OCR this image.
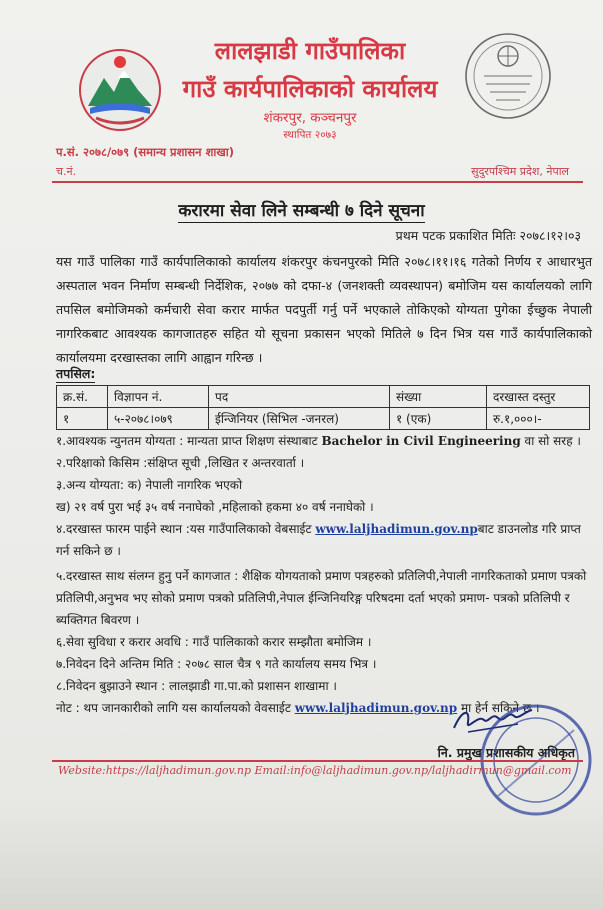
लालझाडी गाउँपालिका
गाउँ कार्यपालिकाको कार्यालय
शंकरपुर, कञ्चनपुर
स्थापित २०७३
प.सं. २०७८/०७९ (समान्य प्रशासन शाखा)
च.नं.	सुदुरपश्चिम प्रदेश, नेपाल
करारमा सेवा लिने सम्बन्धी ७ दिने सूचना
प्रथम पटक प्रकाशित मितिः २०७८।१२।०३
यस गाउँ पालिका गाउँ कार्यपालिकाको कार्यालय शंकरपुर कंचनपुरको मिति २०७८।११।१६ गतेको निर्णय र आधारभुत अस्पताल भवन निर्माण सम्बन्धी निर्देशिक, २०७७ को दफा-४ (जनशक्ती व्यवस्थापन) बमोजिम यस कार्यालयको लागि तपसिल बमोजिमको कर्मचारी सेवा करार मार्फत पदपुर्ती गर्नु पर्ने भएकाले तोकिएको योग्यता पुगेका ईच्छुक नेपाली नागरिकबाट आवश्यक कागजातहरु सहित यो सूचना प्रकासन भएको मितिले ७ दिन भित्र यस गाउँ कार्यपालिकाको कार्यालयमा दरखास्तका लागि आह्वान गरिन्छ ।
तपसिल:
क्र.सं.	विज्ञापन नं.	पद	संख्या	दरखास्त दस्तुर
१	५-२०७८।०७९	ईन्जिनियर (सिभिल -जनरल)	१ (एक)	रु.१,०००।-

१.आवश्यक न्युनतम योग्यता : मान्यता प्राप्त शिक्षण संस्थाबाट Bachelor in Civil Engineering वा सो सरह ।

२.परिक्षाको किसिम :संक्षिप्त सूची ,लिखित र अन्तरवार्ता ।

३.अन्य योग्यता: क) नेपाली नागरिक भएको

ख) २१ वर्ष पुरा भई ३५ वर्ष ननाघेको ,महिलाको हकमा ४० वर्ष ननाघेको ।

४.दरखास्त फारम पाईने स्थान :यस गाउँपालिकाको वेबसाईट www.laljhadimun.gov.npबाट डाउनलोड गरि प्राप्त गर्न सकिने छ ।

५.दरखास्त साथ संलग्न हुनु पर्ने कागजात : शैक्षिक योगयताको प्रमाण पत्रहरुको प्रतिलिपी,नेपाली नागरिकताको प्रमाण पत्रको प्रतिलिपी,अनुभव भए सोको प्रमाण पत्रको प्रतिलिपी,नेपाल ईन्जिनियरिङ्ग परिषदमा दर्ता भएको प्रमाण- पत्रको प्रतिलिपी र ब्यक्तिगत बिवरण ।

६.सेवा सुविधा र करार अवधि : गाउँ पालिकाको करार सम्झौता बमोजिम ।

७.निवेदन दिने अन्तिम मिति : २०७८ साल चैत्र ९ गते कार्यालय समय भित्र ।

८.निवेदन बुझाउने स्थान : लालझाडी गा.पा.को प्रशासन शाखामा ।

नोट : थप जानकारीको लागि यस कार्यालयको वेवसाईट www.laljhadimun.gov.np मा हेर्न सकिने छ ।

नि. प्रमुख प्रशासकीय अधिकृत
Website:https://laljhadimun.gov.np Email:info@laljhadimun.gov.np/laljhadirmun@gmail.com
